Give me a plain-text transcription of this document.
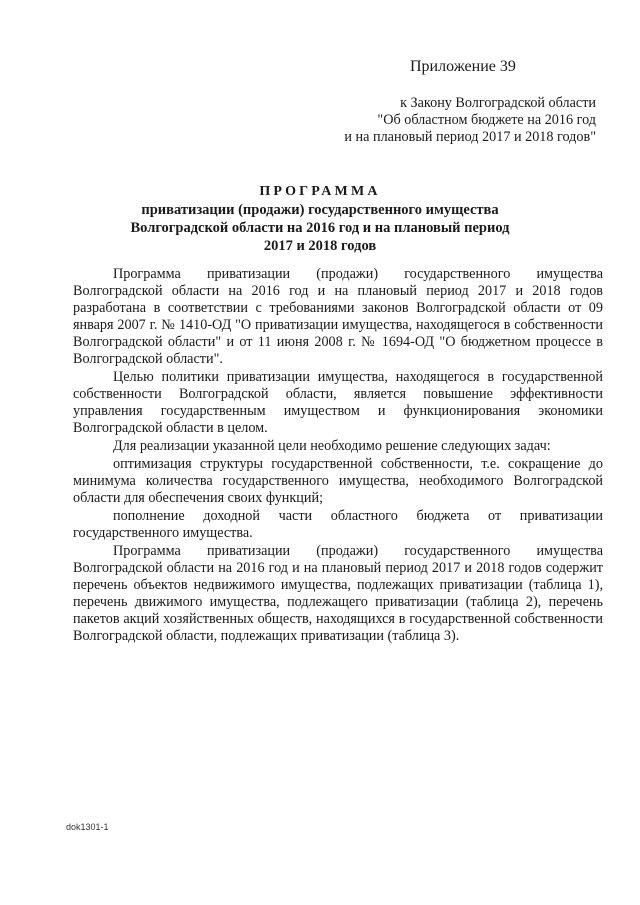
Приложение 39
к Закону Волгоградской области
"Об областном бюджете на 2016 год
и на плановый период 2017 и 2018 годов"
ПРОГРАММА
приватизации (продажи) государственного имущества
Волгоградской области на 2016 год и на плановый период
2017 и 2018 годов

Программа приватизации (продажи) государственного имущества Волгоградской области на 2016 год и на плановый период 2017 и 2018 годов разработана в соответствии с требованиями законов Волгоградской области от 09 января 2007 г. № 1410-ОД "О приватизации имущества, находящегося в собственности Волгоградской области" и от 11 июня 2008 г. № 1694-ОД "О бюджетном процессе в Волгоградской области".

Целью политики приватизации имущества, находящегося в государственной собственности Волгоградской области, является повышение эффективности управления государственным имуществом и функционирования экономики Волгоградской области в целом.

Для реализации указанной цели необходимо решение следующих задач:

оптимизация структуры государственной собственности, т.е. сокращение до минимума количества государственного имущества, необходимого Волгоградской области для обеспечения своих функций;

пополнение доходной части областного бюджета от приватизации государственного имущества.

Программа приватизации (продажи) государственного имущества Волгоградской области на 2016 год и на плановый период 2017 и 2018 годов содержит перечень объектов недвижимого имущества, подлежащих приватизации (таблица 1), перечень движимого имущества, подлежащего приватизации (таблица 2), перечень пакетов акций хозяйственных обществ, находящихся в государственной собственности Волгоградской области, подлежащих приватизации (таблица 3).

dok1301-1
